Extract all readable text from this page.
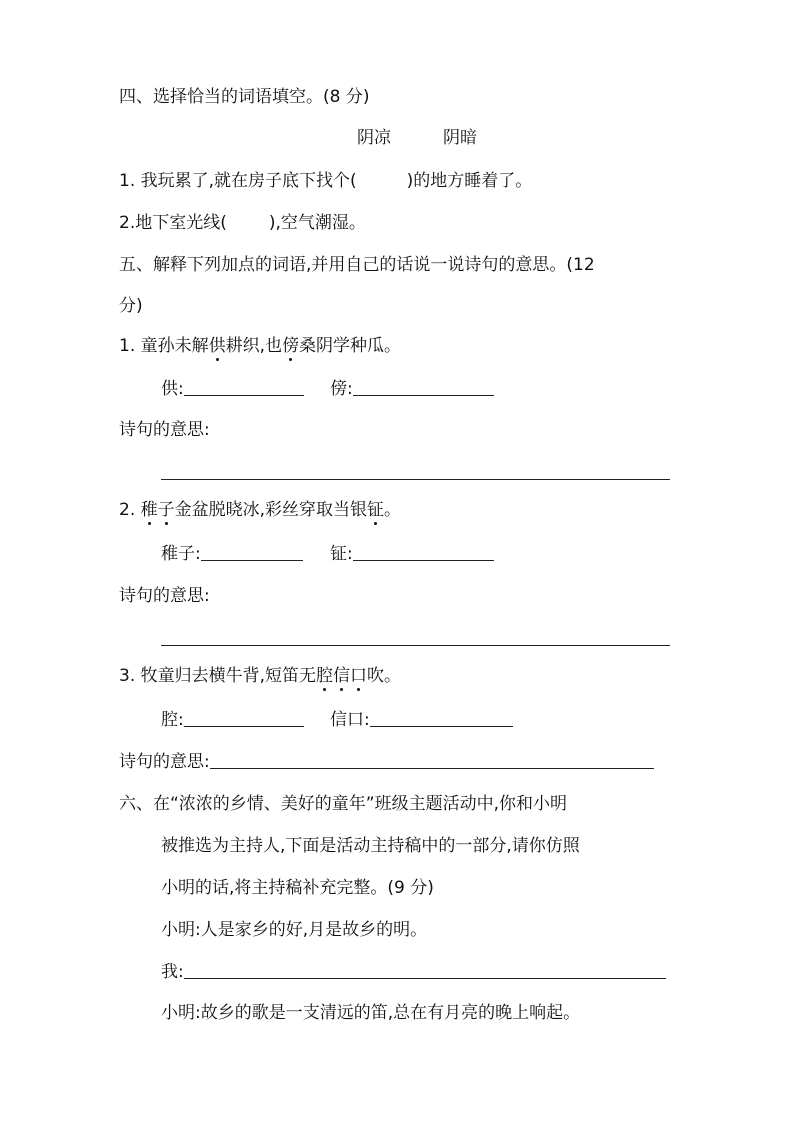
四、选择恰当的词语填空。(8 分)
阴凉	阴暗
1. 我玩累了,就在房子底下找个(	)的地方睡着了。
2.地下室光线( ),空气潮湿。
五、解释下列加点的词语,并用自己的话说一说诗句的意思。(12
分)
1. 童孙未解供耕织,也傍桑阴学种瓜。
供:	傍:
诗句的意思:
2. 稚子金盆脱晓冰,彩丝穿取当银钲。
稚子:	钲:
诗句的意思:
3. 牧童归去横牛背,短笛无腔信口吹。
腔:	信口:
诗句的意思:
六、在“浓浓的乡情、美好的童年”班级主题活动中,你和小明
被推选为主持人,下面是活动主持稿中的一部分,请你仿照
小明的话,将主持稿补充完整。(9 分)
小明:人是家乡的好,月是故乡的明。
我:
小明:故乡的歌是一支清远的笛,总在有月亮的晚上响起。
